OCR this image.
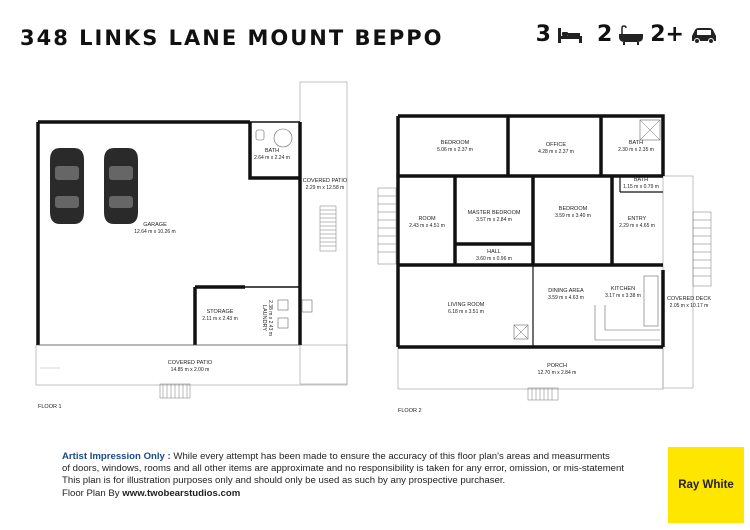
348 LINKS LANE MOUNT BEPPO	3 2 2+
GARAGE
12.64 m x 10.26 m
BATH
2.64 m x 2.24 m
COVERED PATIO
2.29 m x 12.58 m
STORAGE
2.11 m x 2.43 m	LAUNDRY 2.38 m x 2.43 m
COVERED PATIO
14.85 m x 2.00 m
FLOOR 1
BEDROOM
5.06 m x 2.37 m
OFFICE
4.28 m x 2.37 m
BATH
2.30 m x 2.35 m
BATH
1.15 m x 0.79 m
ROOM
2.43 m x 4.51 m
MASTER BEDROOM
3.57 m x 2.84 m
BEDROOM
3.59 m x 3.40 m	ENTRY
2.29 m x 4.65 m
HALL
3.60 m x 0.96 m
LIVING ROOM
6.18 m x 3.51 m
DINING AREA
3.59 m x 4.63 m
KITCHEN
3.17 m x 3.38 m	COVERED DECK
2.05 m x 10.17 m
PORCH
12.70 m x 2.84 m
FLOOR 2
Artist Impression Only : While every attempt has been made to ensure the accuracy of this floor plan's areas and measurments
of doors, windows, rooms and all other items are approximate and no responsibility is taken for any error, omission, or mis-statement
This plan is for illustration purposes only and should only be used as such by any prospective purchaser.
Floor Plan By www.twobearstudios.com
Ray White
